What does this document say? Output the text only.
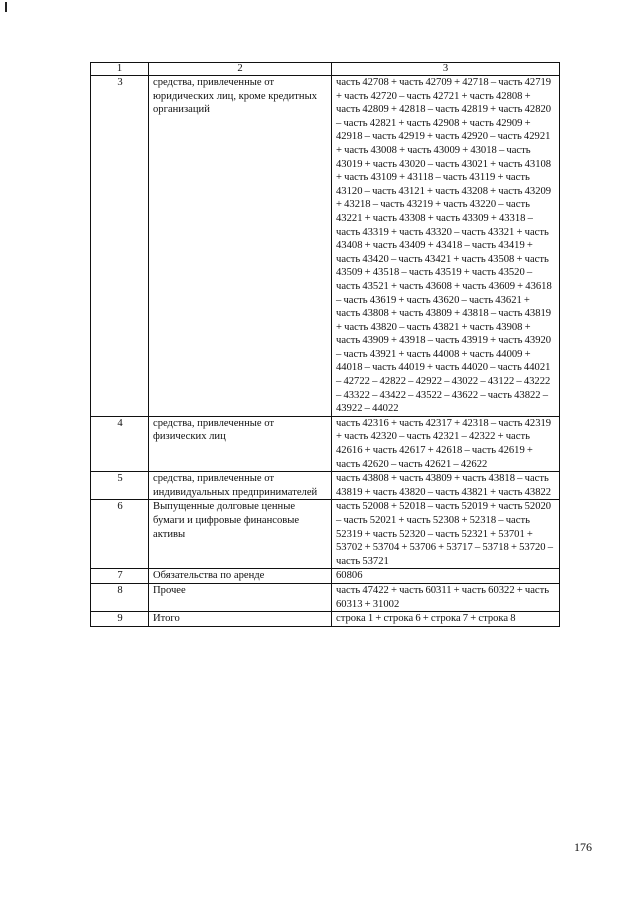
1	2	3
3	средства, привлеченные от юридических лиц, кроме кредитных организаций	часть 42708 + часть 42709 + 42718 – часть 42719 + часть 42720 – часть 42721 + часть 42808 + часть 42809 + 42818 – часть 42819 + часть 42820 – часть 42821 + часть 42908 + часть 42909 + 42918 – часть 42919 + часть 42920 – часть 42921 + часть 43008 + часть 43009 + 43018 – часть 43019 + часть 43020 – часть 43021 + часть 43108 + часть 43109 + 43118 – часть 43119 + часть 43120 – часть 43121 + часть 43208 + часть 43209 + 43218 – часть 43219 + часть 43220 – часть 43221 + часть 43308 + часть 43309 + 43318 – часть 43319 + часть 43320 – часть 43321 + часть 43408 + часть 43409 + 43418 – часть 43419 + часть 43420 – часть 43421 + часть 43508 + часть 43509 + 43518 – часть 43519 + часть 43520 – часть 43521 + часть 43608 + часть 43609 + 43618 – часть 43619 + часть 43620 – часть 43621 + часть 43808 + часть 43809 + 43818 – часть 43819 + часть 43820 – часть 43821 + часть 43908 + часть 43909 + 43918 – часть 43919 + часть 43920 – часть 43921 + часть 44008 + часть 44009 + 44018 – часть 44019 + часть 44020 – часть 44021 – 42722 – 42822 – 42922 – 43022 – 43122 – 43222 – 43322 – 43422 – 43522 – 43622 – часть 43822 – 43922 – 44022
4	средства, привлеченные от физических лиц	часть 42316 + часть 42317 + 42318 – часть 42319 + часть 42320 – часть 42321 – 42322 + часть 42616 + часть 42617 + 42618 – часть 42619 + часть 42620 – часть 42621 – 42622
5	средства, привлеченные от индивидуальных предпринимателей	часть 43808 + часть 43809 + часть 43818 – часть 43819 + часть 43820 – часть 43821 + часть 43822
6	Выпущенные долговые ценные бумаги и цифровые финансовые активы	часть 52008 + 52018 – часть 52019 + часть 52020 – часть 52021 + часть 52308 + 52318 – часть 52319 + часть 52320 – часть 52321 + 53701 + 53702 + 53704 + 53706 + 53717 – 53718 + 53720 – часть 53721
7	Обязательства по аренде	60806
8	Прочее	часть 47422 + часть 60311 + часть 60322 + часть 60313 + 31002
9	Итого	строка 1 + строка 6 + строка 7 + строка 8
176
